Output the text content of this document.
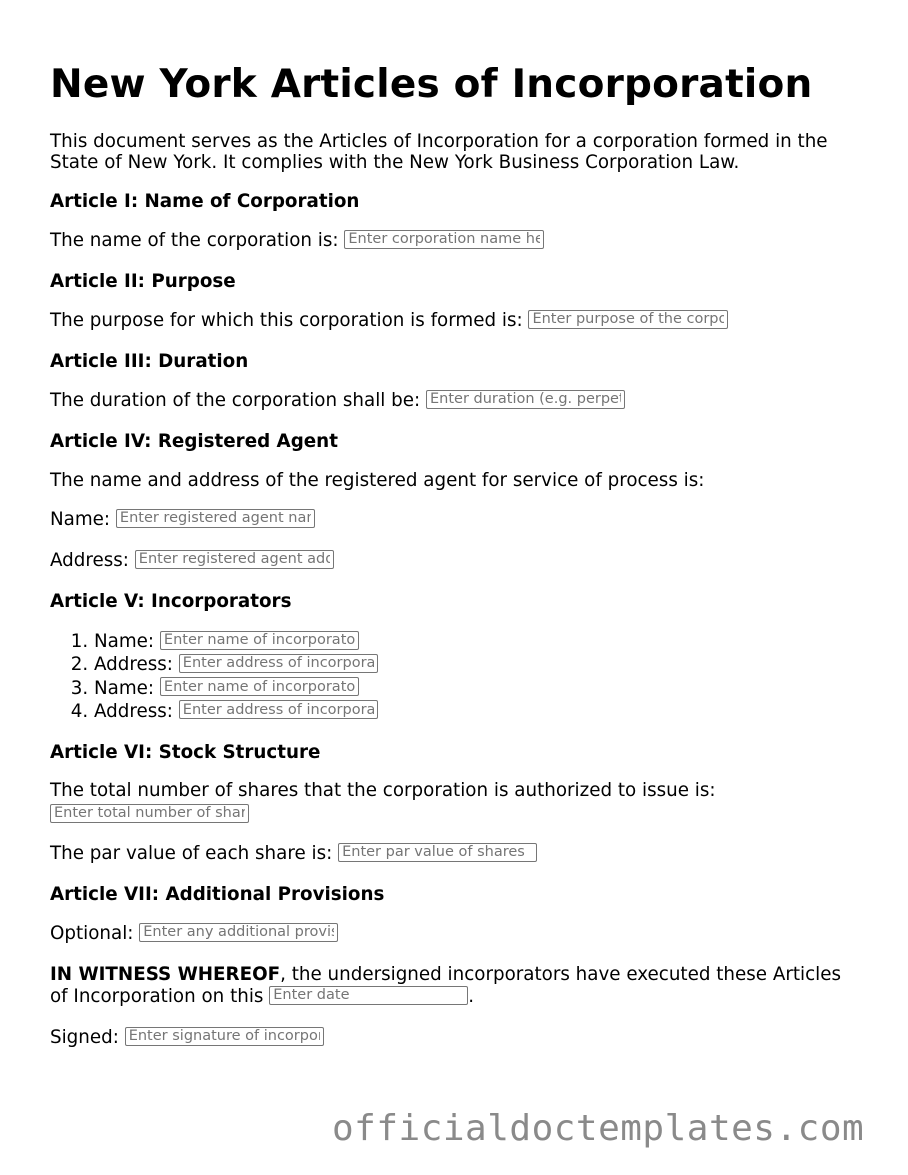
New York Articles of Incorporation
This document serves as the Articles of Incorporation for a corporation formed in the State of New York. It complies with the New York Business Corporation Law.
Article I: Name of Corporation
The name of the corporation is: Enter corporation name here
Article II: Purpose
The purpose for which this corporation is formed is: Enter purpose of the corporation
Article III: Duration
The duration of the corporation shall be: Enter duration (e.g. perpetual)
Article IV: Registered Agent
The name and address of the registered agent for service of process is:
Name: Enter registered agent name
Address: Enter registered agent address
Article V: Incorporators
1. Name: Enter name of incorporator
2. Address: Enter address of incorporator
3. Name: Enter name of incorporator
4. Address: Enter address of incorporator
Article VI: Stock Structure
The total number of shares that the corporation is authorized to issue is:
Enter total number of shares
The par value of each share is: Enter par value of shares
Article VII: Additional Provisions
Optional: Enter any additional provisions
IN WITNESS WHEREOF, the undersigned incorporators have executed these Articles of Incorporation on this Enter date	.
Signed: Enter signature of incorporator
officialdoctemplates.com
